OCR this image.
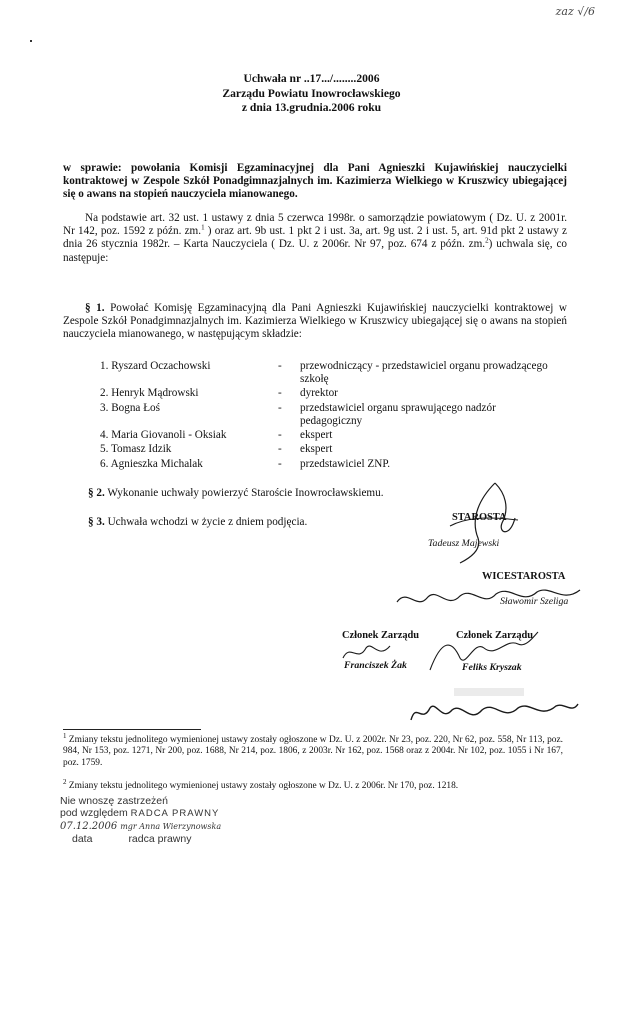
zaz √/6
Uchwała nr ..17.../........2006
Zarządu Powiatu Inowrocławskiego
z dnia 13.grudnia.2006 roku
w sprawie: powołania Komisji Egzaminacyjnej dla Pani Agnieszki Kujawińskiej nauczycielki kontraktowej w Zespole Szkół Ponadgimnazjalnych im. Kazimierza Wielkiego w Kruszwicy ubiegającej się o awans na stopień nauczyciela mianowanego.
Na podstawie art. 32 ust. 1 ustawy z dnia 5 czerwca 1998r. o samorządzie powiatowym ( Dz. U. z 2001r. Nr 142, poz. 1592 z późn. zm.$^1$ ) oraz art. 9b ust. 1 pkt 2 i ust. 3a, art. 9g ust. 2 i ust. 5, art. 91d pkt 2 ustawy z dnia 26 stycznia 1982r. – Karta Nauczyciela ( Dz. U. z 2006r. Nr 97, poz. 674 z późn. zm.$^2$) uchwala się, co następuje:
§ 1. Powołać Komisję Egzaminacyjną dla Pani Agnieszki Kujawińskiej nauczycielki kontraktowej w Zespole Szkół Ponadgimnazjalnych im. Kazimierza Wielkiego w Kruszwicy ubiegającej się o awans na stopień nauczyciela mianowanego, w następującym składzie:
1. Ryszard Oczachowski	-	przewodniczący - przedstawiciel organu prowadzącego szkołę
2. Henryk Mądrowski	-	dyrektor
3. Bogna Łoś	-	przedstawiciel organu sprawującego nadzór pedagogiczny
4. Maria Giovanoli - Oksiak	-	ekspert
5. Tomasz Idzik	-	ekspert
6. Agnieszka Michalak	-	przedstawiciel ZNP.
§ 2. Wykonanie uchwały powierzyć Staroście Inowrocławskiemu.
§ 3. Uchwała wchodzi w życie z dniem podjęcia.	STAROSTA
Tadeusz Majewski
WICESTAROSTA
Sławomir Szeliga
Członek Zarządu
Franciszek Żak
Członek Zarządu
Feliks Kryszak
$^1$ Zmiany tekstu jednolitego wymienionej ustawy zostały ogłoszone w Dz. U. z 2002r. Nr 23, poz. 220, Nr 62, poz. 558, Nr 113, poz. 984, Nr 153, poz. 1271, Nr 200, poz. 1688, Nr 214, poz. 1806, z 2003r. Nr 162, poz. 1568 oraz z 2004r. Nr 102, poz. 1055 i Nr 167, poz. 1759.
$^2$ Zmiany tekstu jednolitego wymienionej ustawy zostały ogłoszone w Dz. U. z 2006r. Nr 170, poz. 1218.
Nie wnoszę zastrzeżeń
pod względem RADCA PRAWNY
07.12.2006 mgr Anna Wierzynowska
data	radca prawny
